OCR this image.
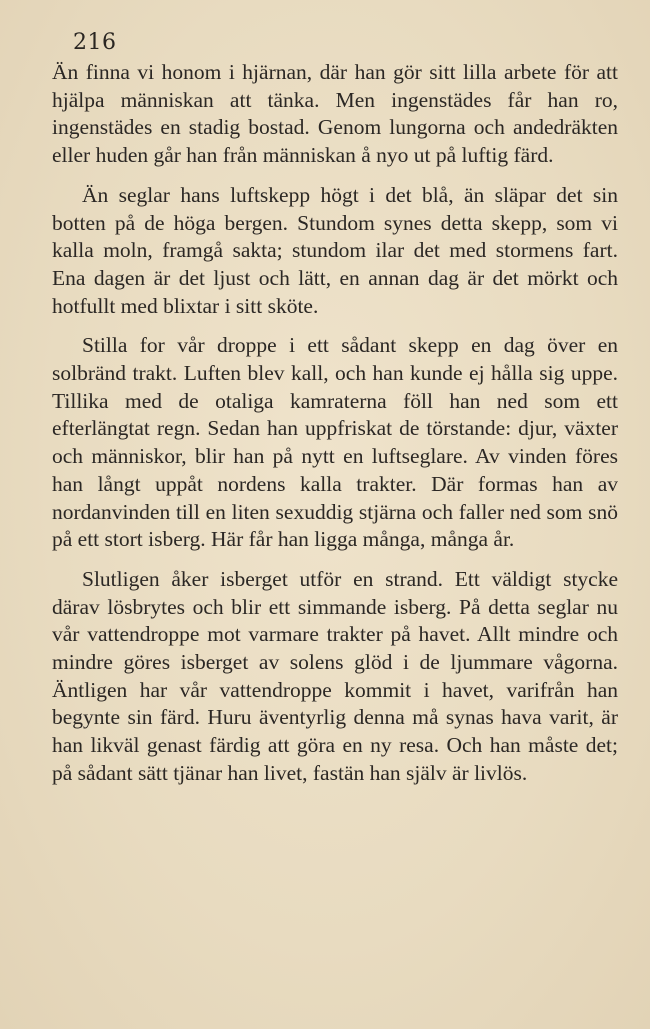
216

Än finna vi honom i hjärnan, där han gör sitt lilla arbete för att hjälpa människan att tänka. Men ingenstädes får han ro, ingenstädes en stadig bostad. Genom lungorna och andedräkten eller huden går han från människan å nyo ut på luftig färd.

Än seglar hans luftskepp högt i det blå, än släpar det sin botten på de höga bergen. Stundom synes detta skepp, som vi kalla moln, framgå sakta; stundom ilar det med stormens fart. Ena dagen är det ljust och lätt, en annan dag är det mörkt och hotfullt med blixtar i sitt sköte.

Stilla for vår droppe i ett sådant skepp en dag över en solbränd trakt. Luften blev kall, och han kunde ej hålla sig uppe. Tillika med de otaliga kamraterna föll han ned som ett efterlängtat regn. Sedan han uppfriskat de törstande: djur, växter och människor, blir han på nytt en luftseglare. Av vinden föres han långt uppåt nordens kalla trakter. Där formas han av nordanvinden till en liten sexuddig stjärna och faller ned som snö på ett stort isberg. Här får han ligga många, många år.

Slutligen åker isberget utför en strand. Ett väldigt stycke därav lösbrytes och blir ett simmande isberg. På detta seglar nu vår vattendroppe mot varmare trakter på havet. Allt mindre och mindre göres isberget av solens glöd i de ljummare vågorna. Äntligen har vår vattendroppe kommit i havet, varifrån han begynte sin färd. Huru äventyrlig denna må synas hava varit, är han likväl genast färdig att göra en ny resa. Och han måste det; på sådant sätt tjänar han livet, fastän han själv är livlös.
